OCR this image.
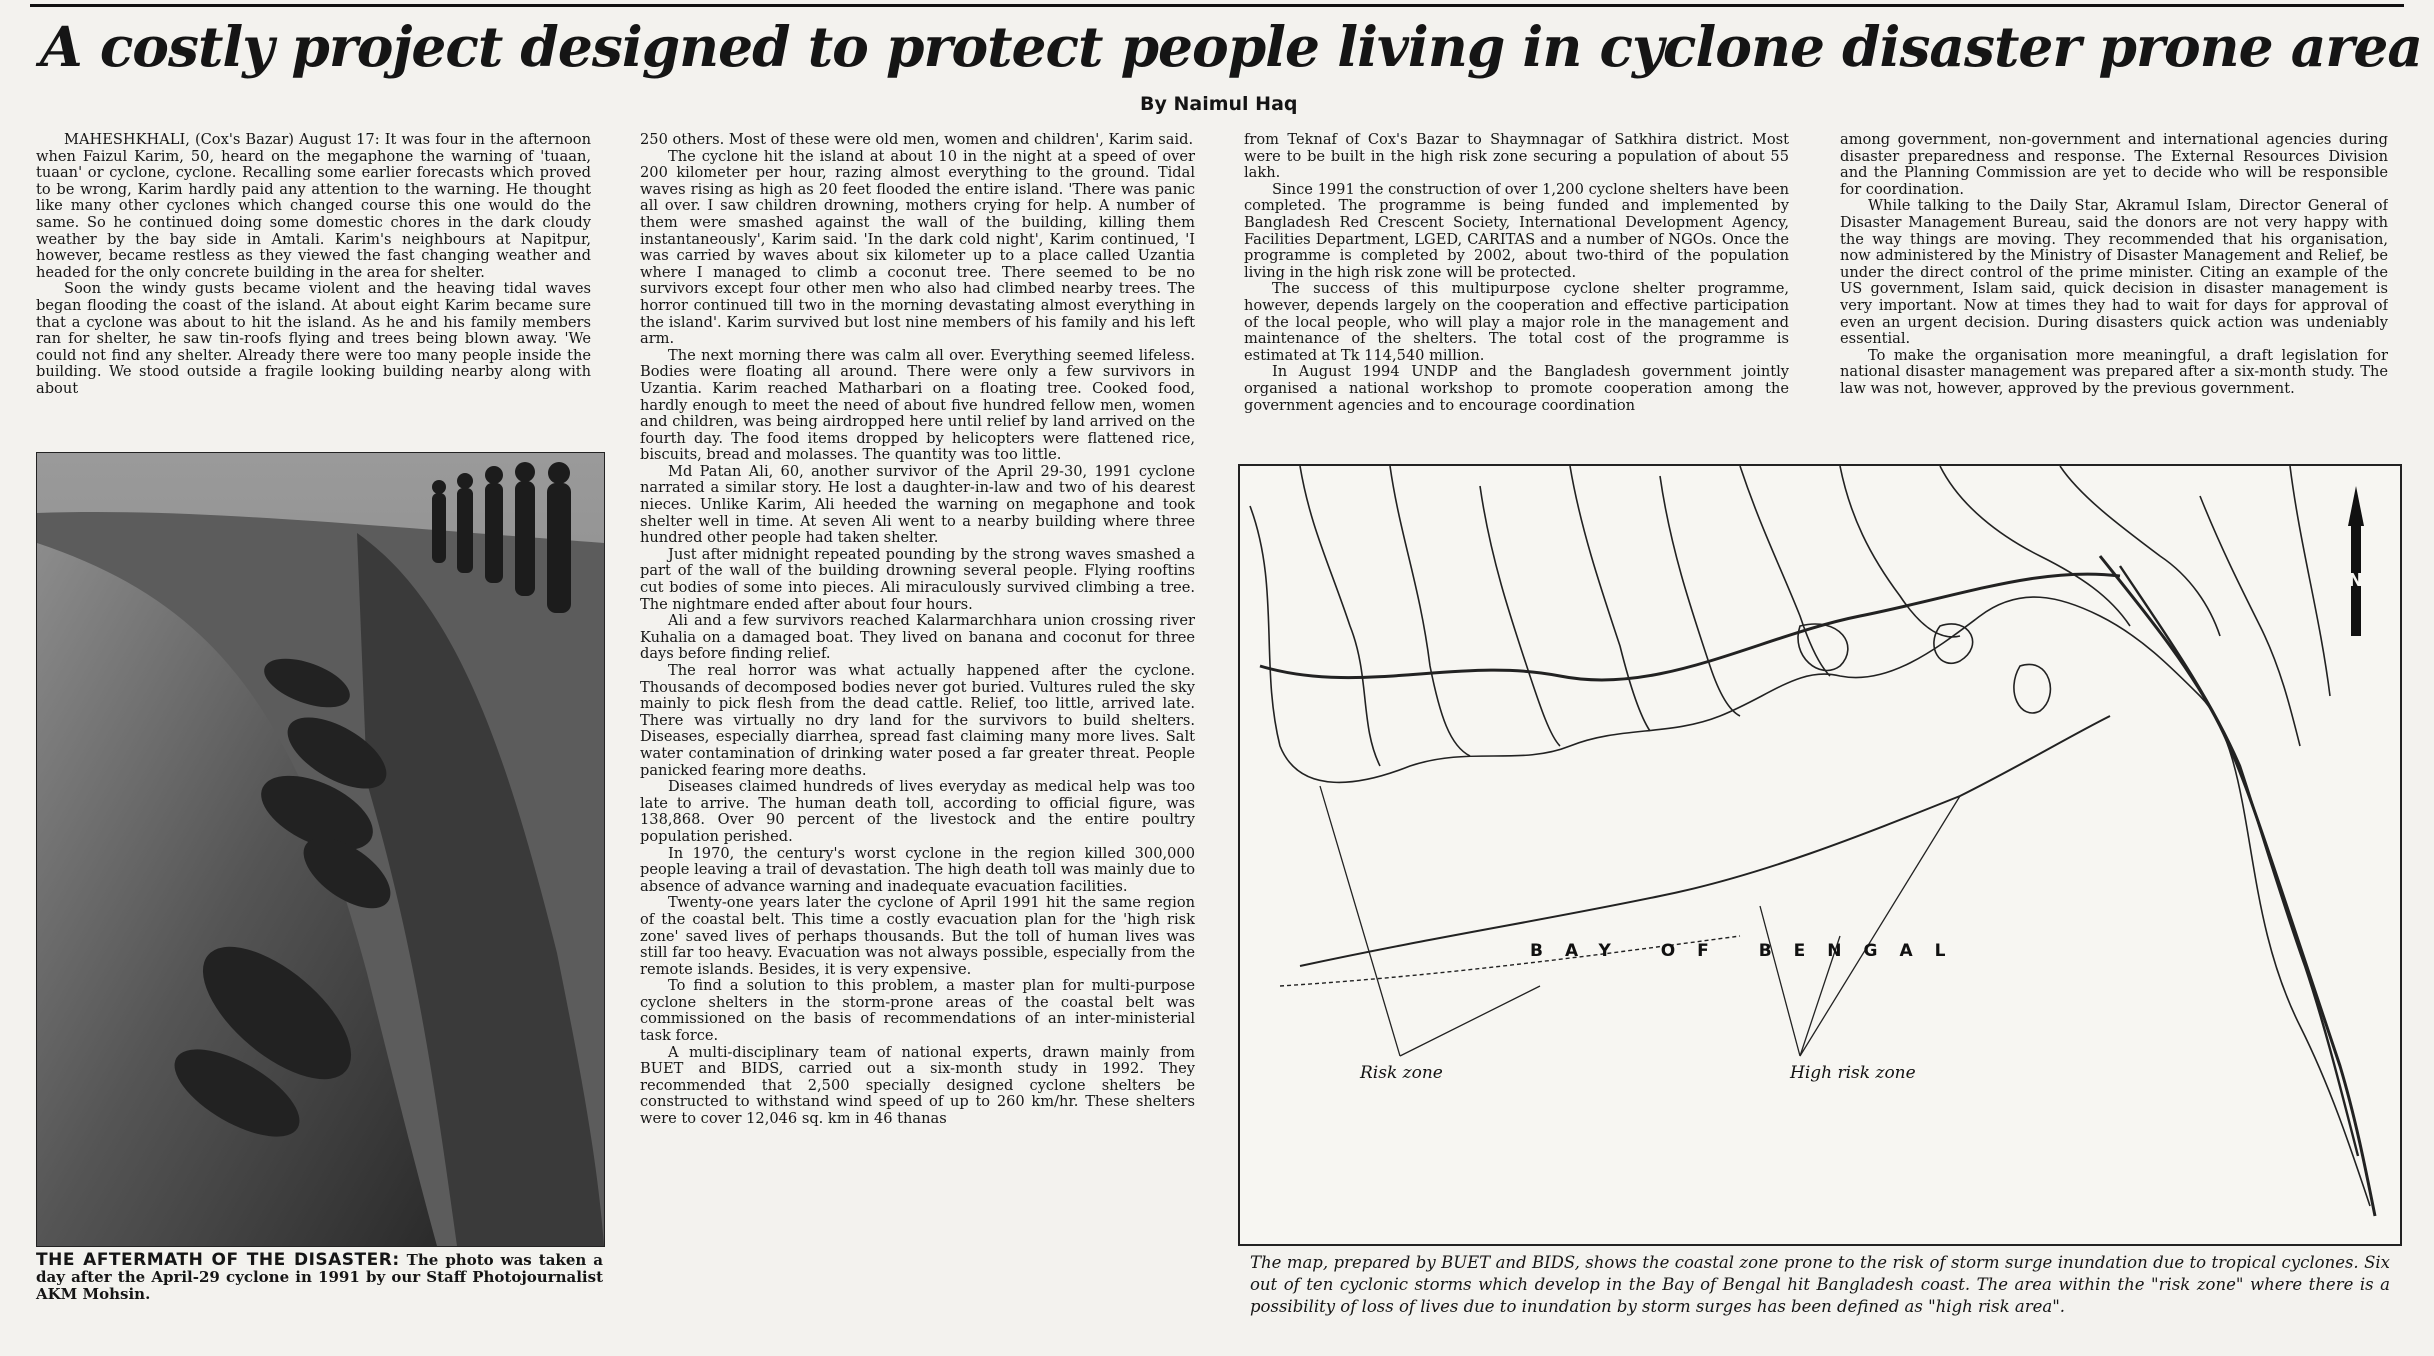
A costly project designed to protect people living in cyclone disaster prone area
By Naimul Haq

MAHESHKHALI, (Cox's Bazar) August 17: It was four in the afternoon when Faizul Karim, 50, heard on the megaphone the warning of 'tuaan, tuaan' or cyclone, cyclone. Recalling some earlier forecasts which proved to be wrong, Karim hardly paid any attention to the warning. He thought like many other cyclones which changed course this one would do the same. So he continued doing some domestic chores in the dark cloudy weather by the bay side in Amtali. Karim's neighbours at Napitpur, however, became restless as they viewed the fast changing weather and headed for the only concrete building in the area for shelter.

Soon the windy gusts became violent and the heaving tidal waves began flooding the coast of the island. At about eight Karim became sure that a cyclone was about to hit the island. As he and his family members ran for shelter, he saw tin-roofs flying and trees being blown away. 'We could not find any shelter. Already there were too many people inside the building. We stood outside a fragile looking building nearby along with about

THE AFTERMATH OF THE DISASTER: The photo was taken a day after the April-29 cyclone in 1991 by our Staff Photojournalist AKM Mohsin.

250 others. Most of these were old men, women and children', Karim said.

The cyclone hit the island at about 10 in the night at a speed of over 200 kilometer per hour, razing almost everything to the ground. Tidal waves rising as high as 20 feet flooded the entire island. 'There was panic all over. I saw children drowning, mothers crying for help. A number of them were smashed against the wall of the building, killing them instantaneously', Karim said. 'In the dark cold night', Karim continued, 'I was carried by waves about six kilometer up to a place called Uzantia where I managed to climb a coconut tree. There seemed to be no survivors except four other men who also had climbed nearby trees. The horror continued till two in the morning devastating almost everything in the island'. Karim survived but lost nine members of his family and his left arm.

The next morning there was calm all over. Everything seemed lifeless. Bodies were floating all around. There were only a few survivors in Uzantia. Karim reached Matharbari on a floating tree. Cooked food, hardly enough to meet the need of about five hundred fellow men, women and children, was being airdropped here until relief by land arrived on the fourth day. The food items dropped by helicopters were flattened rice, biscuits, bread and molasses. The quantity was too little.

Md Patan Ali, 60, another survivor of the April 29-30, 1991 cyclone narrated a similar story. He lost a daughter-in-law and two of his dearest nieces. Unlike Karim, Ali heeded the warning on megaphone and took shelter well in time. At seven Ali went to a nearby building where three hundred other people had taken shelter.

Just after midnight repeated pounding by the strong waves smashed a part of the wall of the building drowning several people. Flying rooftins cut bodies of some into pieces. Ali miraculously survived climbing a tree. The nightmare ended after about four hours.

Ali and a few survivors reached Kalarmarchhara union crossing river Kuhalia on a damaged boat. They lived on banana and coconut for three days before finding relief.

The real horror was what actually happened after the cyclone. Thousands of decomposed bodies never got buried. Vultures ruled the sky mainly to pick flesh from the dead cattle. Relief, too little, arrived late. There was virtually no dry land for the survivors to build shelters. Diseases, especially diarrhea, spread fast claiming many more lives. Salt water contamination of drinking water posed a far greater threat. People panicked fearing more deaths.

Diseases claimed hundreds of lives everyday as medical help was too late to arrive. The human death toll, according to official figure, was 138,868. Over 90 percent of the livestock and the entire poultry population perished.

In 1970, the century's worst cyclone in the region killed 300,000 people leaving a trail of devastation. The high death toll was mainly due to absence of advance warning and inadequate evacuation facilities.

Twenty-one years later the cyclone of April 1991 hit the same region of the coastal belt. This time a costly evacuation plan for the 'high risk zone' saved lives of perhaps thousands. But the toll of human lives was still far too heavy. Evacuation was not always possible, especially from the remote islands. Besides, it is very expensive.

To find a solution to this problem, a master plan for multi-purpose cyclone shelters in the storm-prone areas of the coastal belt was commissioned on the basis of recommendations of an inter-ministerial task force.

A multi-disciplinary team of national experts, drawn mainly from BUET and BIDS, carried out a six-month study in 1992. They recommended that 2,500 specially designed cyclone shelters be constructed to withstand wind speed of up to 260 km/hr. These shelters were to cover 12,046 sq. km in 46 thanas

from Teknaf of Cox's Bazar to Shaymnagar of Satkhira district. Most were to be built in the high risk zone securing a population of about 55 lakh.

Since 1991 the construction of over 1,200 cyclone shelters have been completed. The programme is being funded and implemented by Bangladesh Red Crescent Society, International Development Agency, Facilities Department, LGED, CARITAS and a number of NGOs. Once the programme is completed by 2002, about two-third of the population living in the high risk zone will be protected.

The success of this multipurpose cyclone shelter programme, however, depends largely on the cooperation and effective participation of the local people, who will play a major role in the management and maintenance of the shelters. The total cost of the programme is estimated at Tk 114,540 million.

In August 1994 UNDP and the Bangladesh government jointly organised a national workshop to promote cooperation among the government agencies and to encourage coordination

among government, non-government and international agencies during disaster preparedness and response. The External Resources Division and the Planning Commission are yet to decide who will be responsible for coordination.

While talking to the Daily Star, Akramul Islam, Director General of Disaster Management Bureau, said the donors are not very happy with the way things are moving. They recommended that his organisation, now administered by the Ministry of Disaster Management and Relief, be under the direct control of the prime minister. Citing an example of the US government, Islam said, quick decision in disaster management is very important. Now at times they had to wait for days for approval of even an urgent decision. During disasters quick action was undeniably essential.

To make the organisation more meaningful, a draft legislation for national disaster management was prepared after a six-month study. The law was not, however, approved by the previous government.

N
BAY OF BENGAL
Risk zone	High risk zone

The map, prepared by BUET and BIDS, shows the coastal zone prone to the risk of storm surge inundation due to tropical cyclones. Six out of ten cyclonic storms which develop in the Bay of Bengal hit Bangladesh coast. The area within the "risk zone" where there is a possibility of loss of lives due to inundation by storm surges has been defined as "high risk area".
